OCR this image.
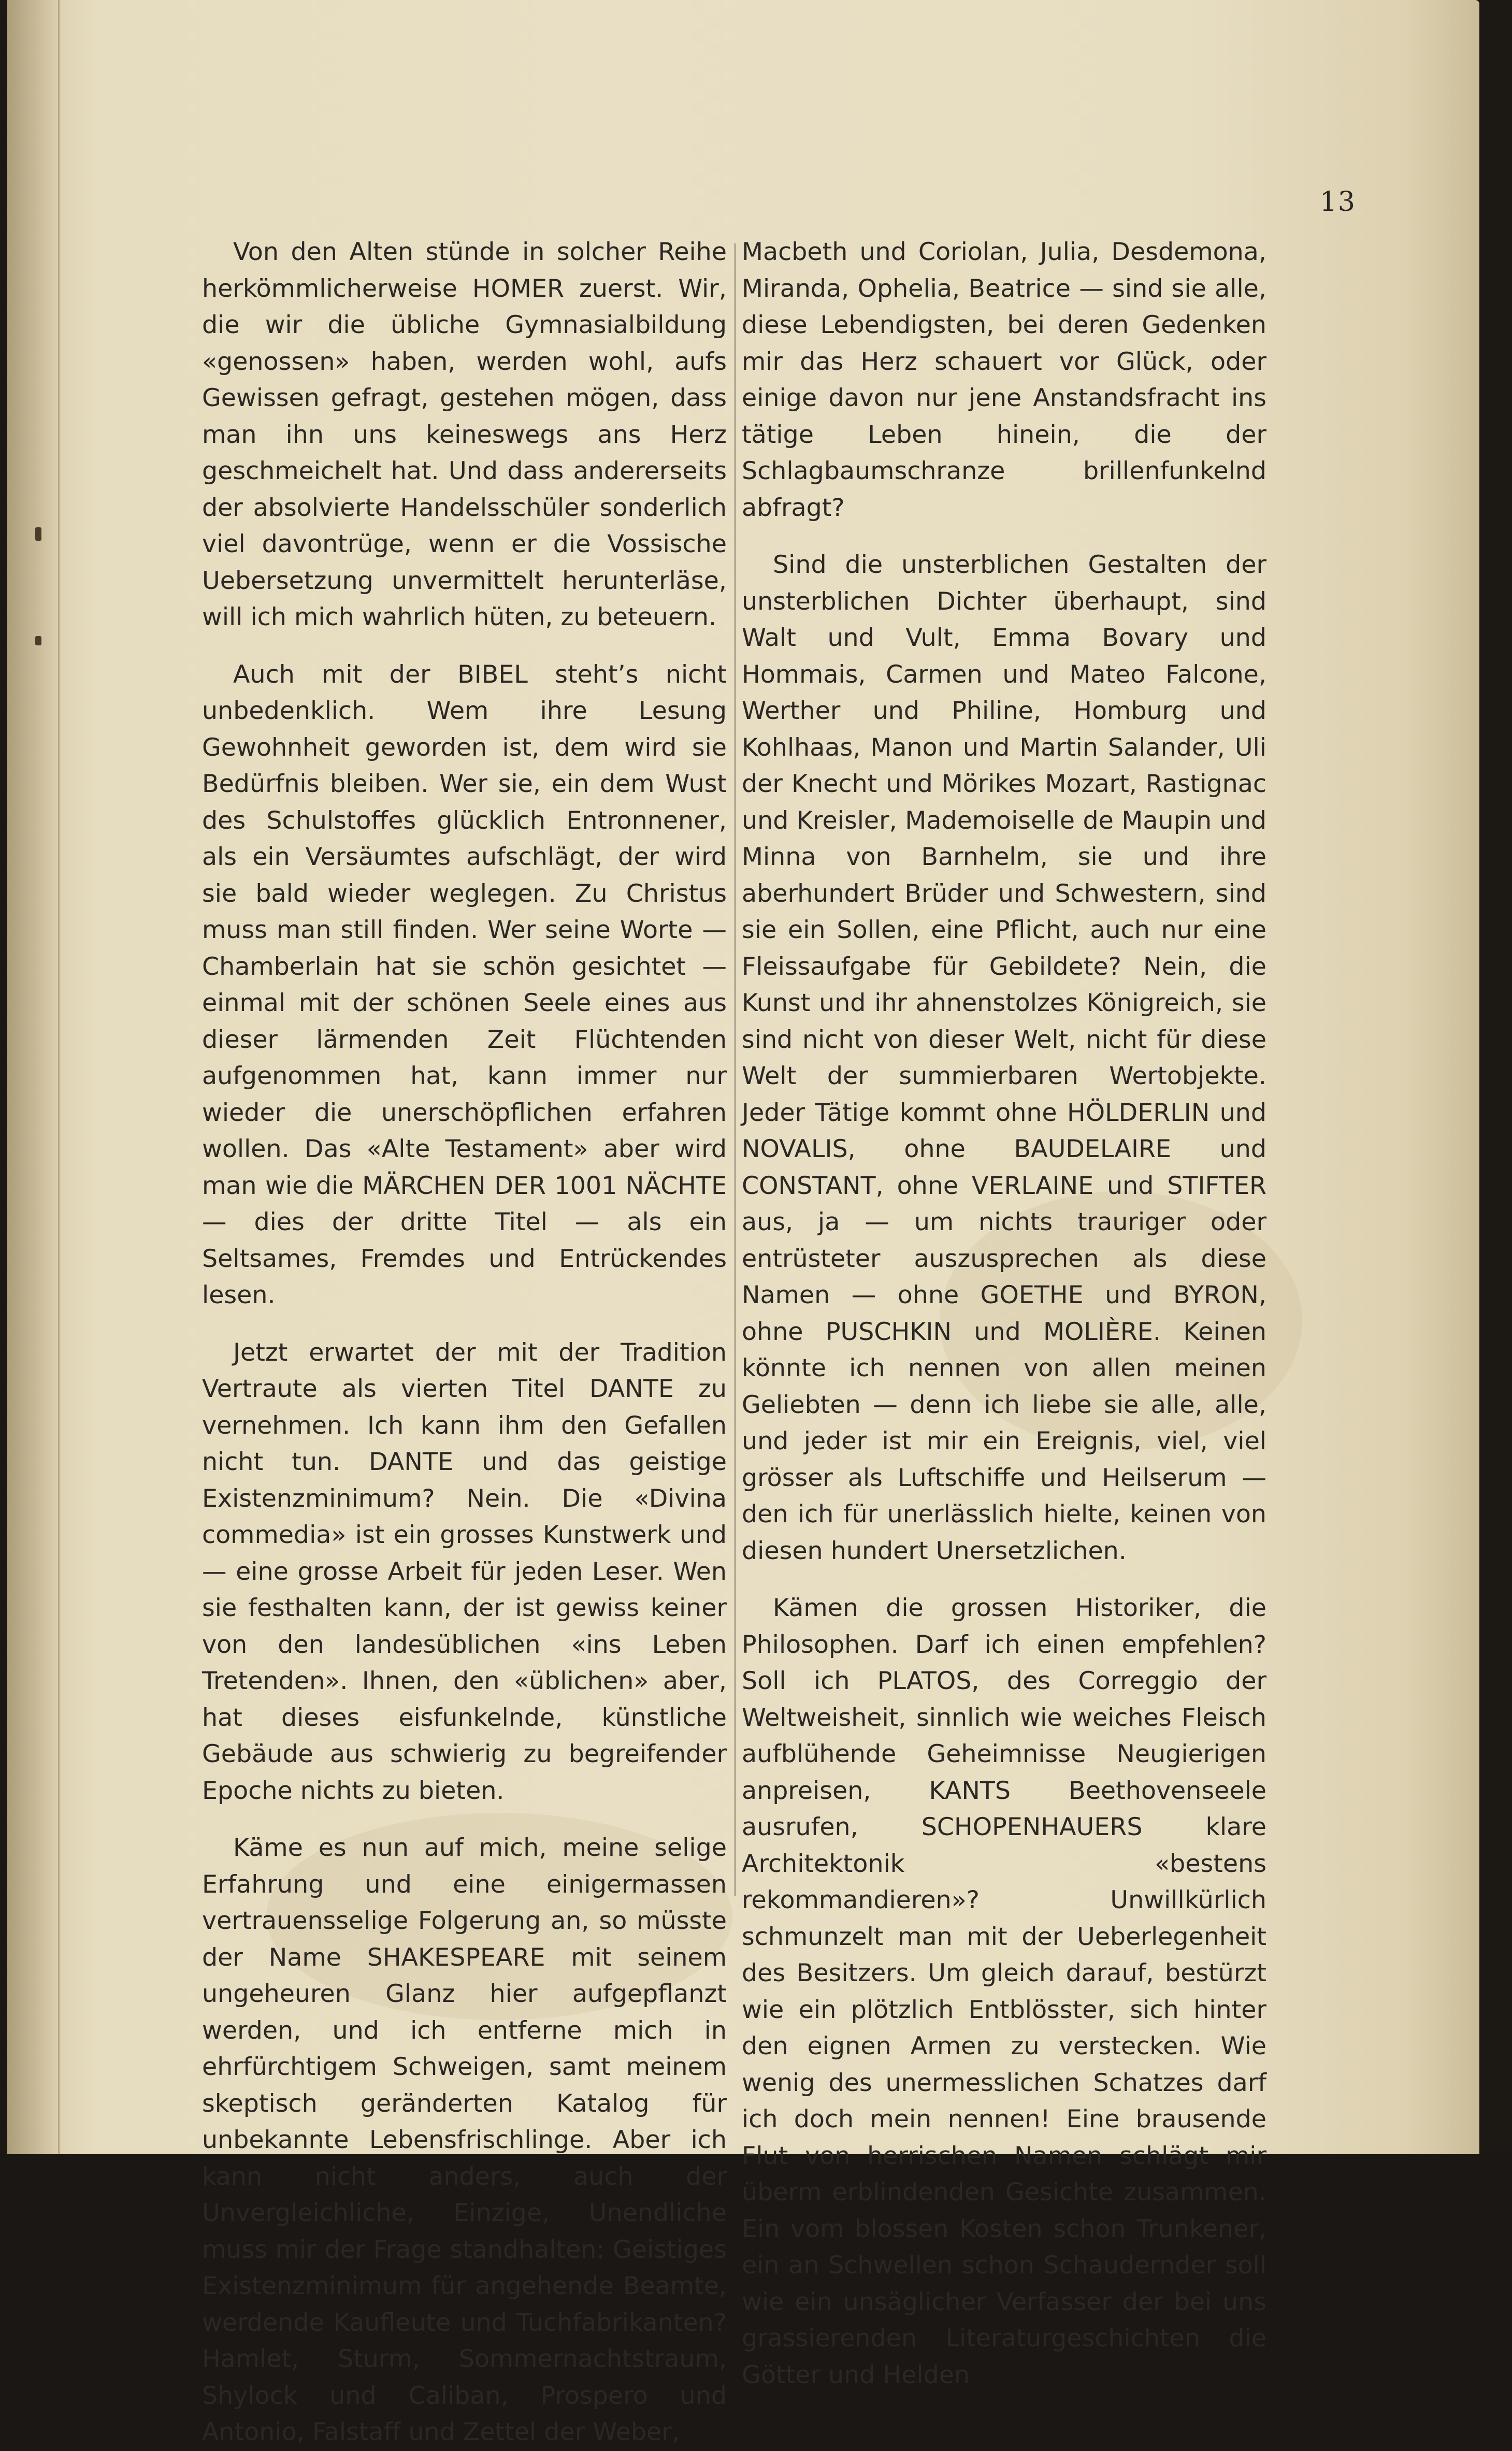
13

Von den Alten stünde in solcher Reihe herkömmlicherweise HOMER zuerst. Wir, die wir die übliche Gymnasialbildung «genossen» haben, werden wohl, aufs Gewissen gefragt, gestehen mögen, dass man ihn uns keineswegs ans Herz geschmeichelt hat. Und dass andererseits der absolvierte Handelsschüler sonderlich viel davontrüge, wenn er die Vossische Uebersetzung unvermittelt herunterläse, will ich mich wahrlich hüten, zu beteuern.

Auch mit der BIBEL steht’s nicht unbedenklich. Wem ihre Lesung Gewohnheit geworden ist, dem wird sie Bedürfnis bleiben. Wer sie, ein dem Wust des Schulstoffes glücklich Entronnener, als ein Versäumtes aufschlägt, der wird sie bald wieder weglegen. Zu Christus muss man still finden. Wer seine Worte — Chamberlain hat sie schön gesichtet — einmal mit der schönen Seele eines aus dieser lärmenden Zeit Flüchtenden aufgenommen hat, kann immer nur wieder die unerschöpflichen erfahren wollen. Das «Alte Testament» aber wird man wie die MÄRCHEN DER 1001 NÄCHTE — dies der dritte Titel — als ein Seltsames, Fremdes und Entrückendes lesen.

Jetzt erwartet der mit der Tradition Vertraute als vierten Titel DANTE zu vernehmen. Ich kann ihm den Gefallen nicht tun. DANTE und das geistige Existenzminimum? Nein. Die «Divina commedia» ist ein grosses Kunstwerk und — eine grosse Arbeit für jeden Leser. Wen sie festhalten kann, der ist gewiss keiner von den landesüblichen «ins Leben Tretenden». Ihnen, den «üblichen» aber, hat dieses eisfunkelnde, künstliche Gebäude aus schwierig zu begreifender Epoche nichts zu bieten.

Käme es nun auf mich, meine selige Erfahrung und eine einigermassen vertrauensselige Folgerung an, so müsste der Name SHAKESPEARE mit seinem ungeheuren Glanz hier aufgepflanzt werden, und ich entferne mich in ehrfürchtigem Schweigen, samt meinem skeptisch geränderten Katalog für unbekannte Lebensfrischlinge. Aber ich kann nicht anders, auch der Unvergleichliche, Einzige, Unendliche muss mir der Frage standhalten: Geistiges Existenzminimum für angehende Beamte, werdende Kaufleute und Tuchfabrikanten? Hamlet, Sturm, Sommernachtstraum, Shylock und Caliban, Prospero und Antonio, Falstaff und Zettel der Weber,

Macbeth und Coriolan, Julia, Desdemona, Miranda, Ophelia, Beatrice — sind sie alle, diese Lebendigsten, bei deren Gedenken mir das Herz schauert vor Glück, oder einige davon nur jene Anstandsfracht ins tätige Leben hinein, die der Schlagbaumschranze brillenfunkelnd abfragt?

Sind die unsterblichen Gestalten der unsterblichen Dichter überhaupt, sind Walt und Vult, Emma Bovary und Hommais, Carmen und Mateo Falcone, Werther und Philine, Homburg und Kohlhaas, Manon und Martin Salander, Uli der Knecht und Mörikes Mozart, Rastignac und Kreisler, Mademoiselle de Maupin und Minna von Barnhelm, sie und ihre aberhundert Brüder und Schwestern, sind sie ein Sollen, eine Pflicht, auch nur eine Fleissaufgabe für Gebildete? Nein, die Kunst und ihr ahnenstolzes Königreich, sie sind nicht von dieser Welt, nicht für diese Welt der summierbaren Wertobjekte. Jeder Tätige kommt ohne HÖLDERLIN und NOVALIS, ohne BAUDELAIRE und CONSTANT, ohne VERLAINE und STIFTER aus, ja — um nichts trauriger oder entrüsteter auszusprechen als diese Namen — ohne GOETHE und BYRON, ohne PUSCHKIN und MOLIÈRE. Keinen könnte ich nennen von allen meinen Geliebten — denn ich liebe sie alle, alle, und jeder ist mir ein Ereignis, viel, viel grösser als Luftschiffe und Heilserum — den ich für unerlässlich hielte, keinen von diesen hundert Unersetzlichen.

Kämen die grossen Historiker, die Philosophen. Darf ich einen empfehlen? Soll ich PLATOS, des Correggio der Weltweisheit, sinnlich wie weiches Fleisch aufblühende Geheimnisse Neugierigen anpreisen, KANTS Beethovenseele ausrufen, SCHOPENHAUERS klare Architektonik «bestens rekommandieren»? Unwillkürlich schmunzelt man mit der Ueberlegenheit des Besitzers. Um gleich darauf, bestürzt wie ein plötzlich Entblösster, sich hinter den eignen Armen zu verstecken. Wie wenig des unermesslichen Schatzes darf ich doch mein nennen! Eine brausende Flut von herrischen Namen schlägt mir überm erblindenden Gesichte zusammen. Ein vom blossen Kosten schon Trunkener, ein an Schwellen schon Schaudernder soll wie ein unsäglicher Verfasser der bei uns grassierenden Literaturgeschichten die Götter und Helden
